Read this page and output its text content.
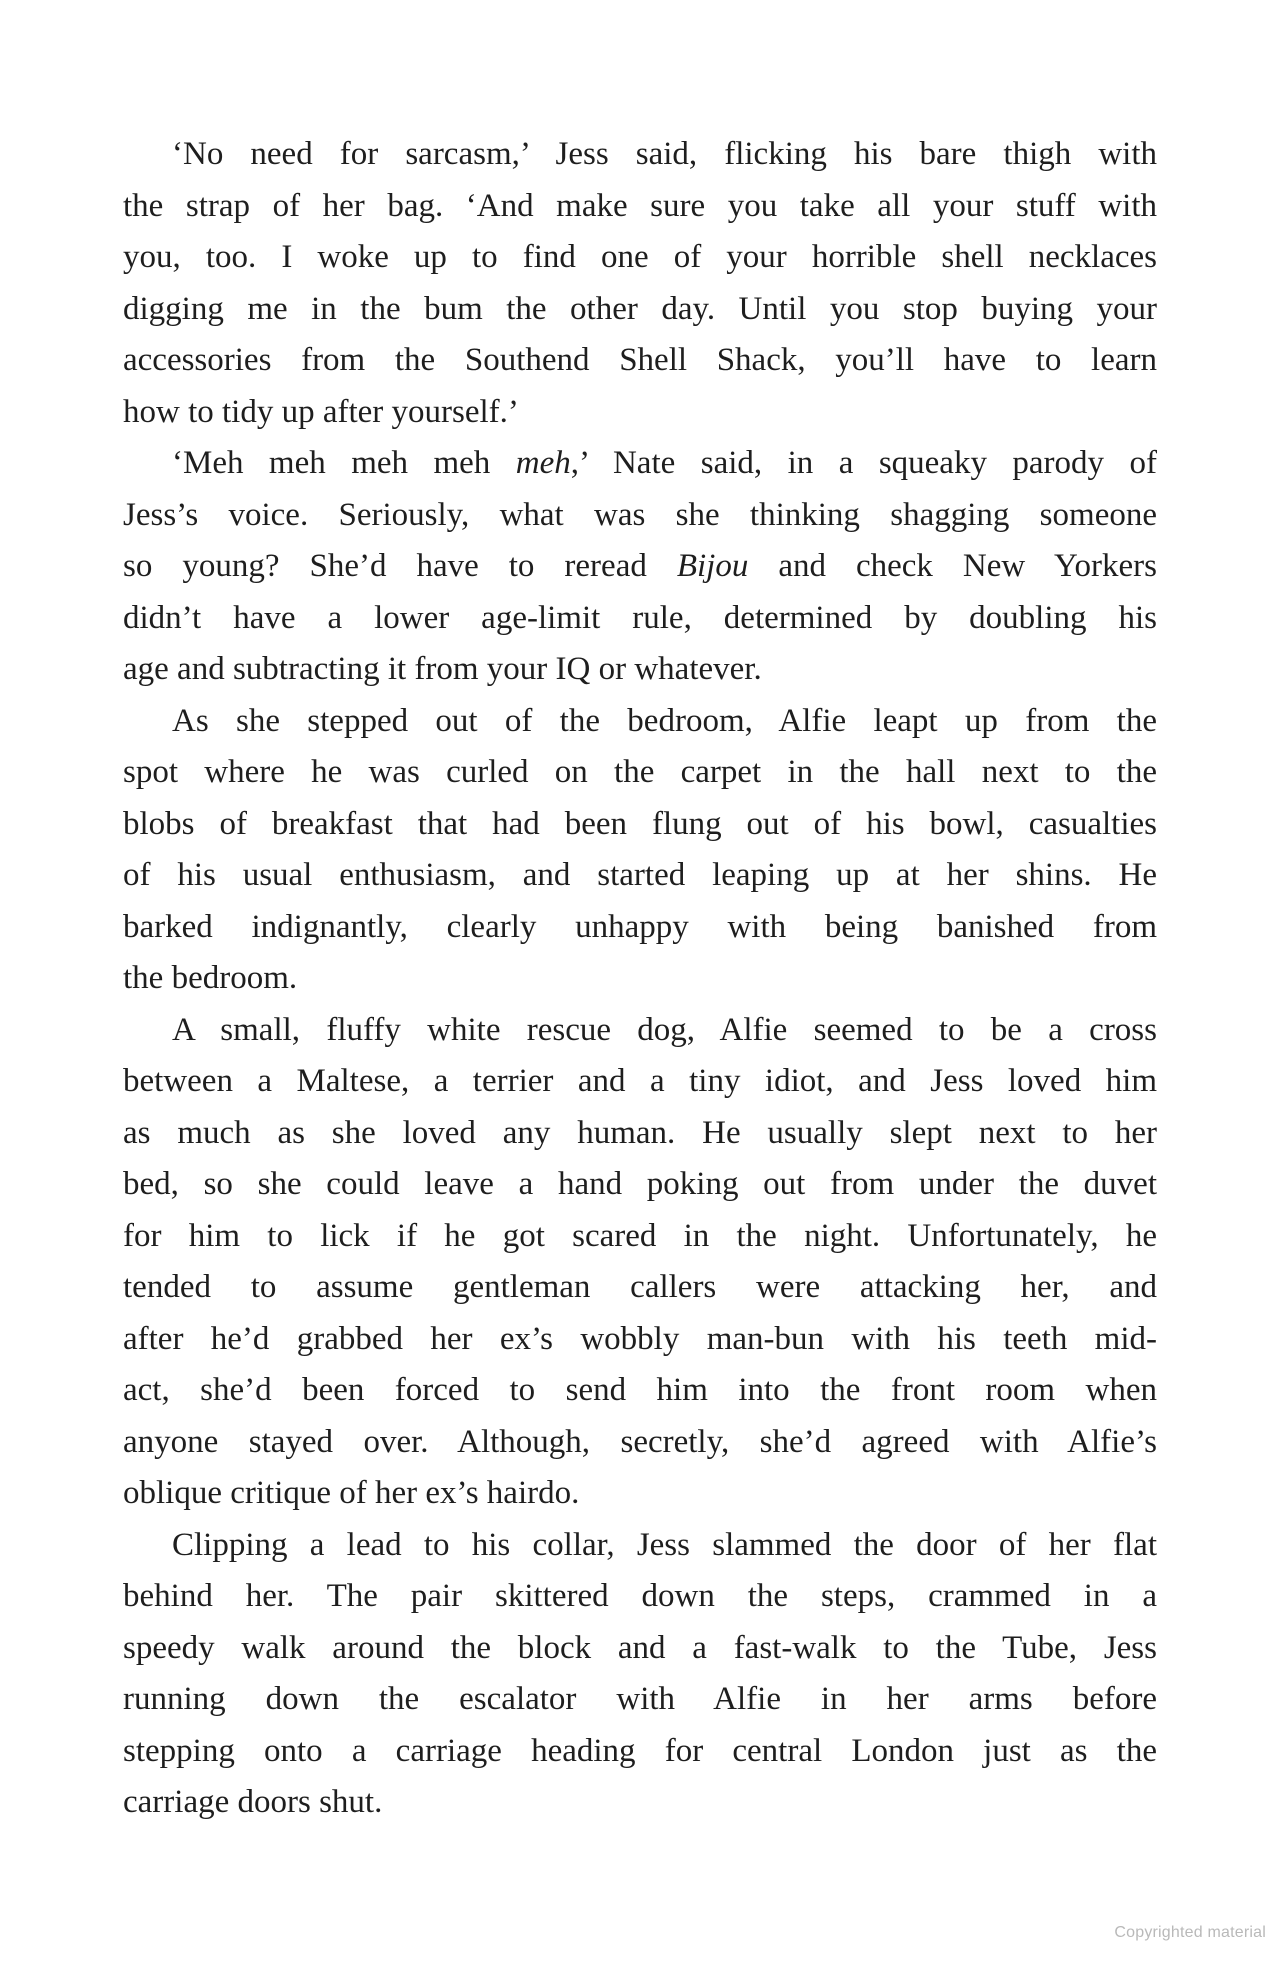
‘No need for sarcasm,’ Jess said, flicking his bare thigh with
the strap of her bag. ‘And make sure you take all your stuff with
you, too. I woke up to find one of your horrible shell necklaces
digging me in the bum the other day. Until you stop buying your
accessories from the Southend Shell Shack, you’ll have to learn
how to tidy up after yourself.’
‘Meh meh meh meh meh,’ Nate said, in a squeaky parody of
Jess’s voice. Seriously, what was she thinking shagging someone
so young? She’d have to reread Bijou and check New Yorkers
didn’t have a lower age-limit rule, determined by doubling his
age and subtracting it from your IQ or whatever.
As she stepped out of the bedroom, Alfie leapt up from the
spot where he was curled on the carpet in the hall next to the
blobs of breakfast that had been flung out of his bowl, casualties
of his usual enthusiasm, and started leaping up at her shins. He
barked indignantly, clearly unhappy with being banished from
the bedroom.
A small, fluffy white rescue dog, Alfie seemed to be a cross
between a Maltese, a terrier and a tiny idiot, and Jess loved him
as much as she loved any human. He usually slept next to her
bed, so she could leave a hand poking out from under the duvet
for him to lick if he got scared in the night. Unfortunately, he
tended to assume gentleman callers were attacking her, and
after he’d grabbed her ex’s wobbly man-bun with his teeth mid-
act, she’d been forced to send him into the front room when
anyone stayed over. Although, secretly, she’d agreed with Alfie’s
oblique critique of her ex’s hairdo.
Clipping a lead to his collar, Jess slammed the door of her flat
behind her. The pair skittered down the steps, crammed in a
speedy walk around the block and a fast-walk to the Tube, Jess
running down the escalator with Alfie in her arms before
stepping onto a carriage heading for central London just as the
carriage doors shut.
Copyrighted material
